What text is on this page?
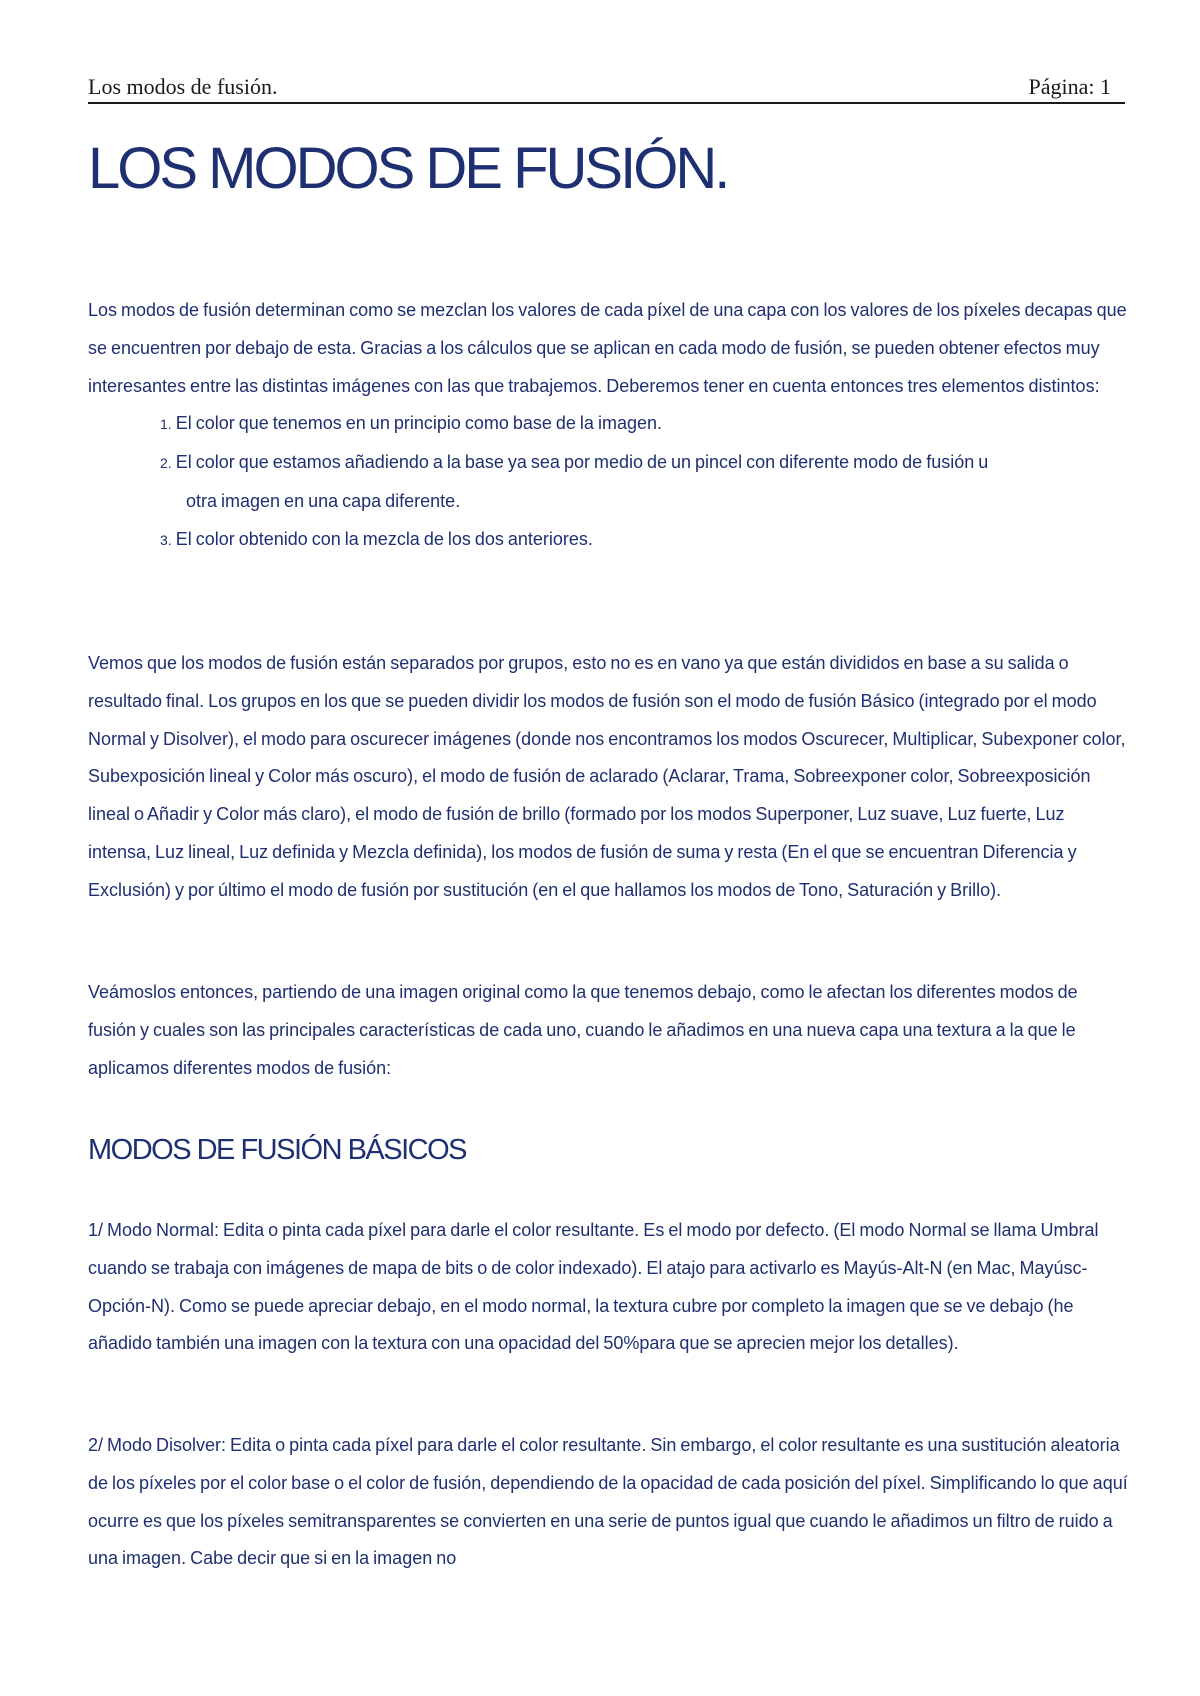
Los modos de fusión.	Página: 1
LOS MODOS DE FUSIÓN.

Los modos de fusión determinan como se mezclan los valores de cada píxel de una capa con los valores de los píxeles decapas que se encuentren por debajo de esta. Gracias a los cálculos que se aplican en cada modo de fusión, se pueden obtener efectos muy interesantes entre las distintas imágenes con las que trabajemos. Deberemos tener en cuenta entonces tres elementos distintos:

1. El color que tenemos en un principio como base de la imagen.
2. El color que estamos añadiendo a la base ya sea por medio de un pincel con diferente modo de fusión u
otra imagen en una capa diferente.
3. El color obtenido con la mezcla de los dos anteriores.

Vemos que los modos de fusión están separados por grupos, esto no es en vano ya que están divididos en base a su salida o resultado final. Los grupos en los que se pueden dividir los modos de fusión son el modo de fusión Básico (integrado por el modo Normal y Disolver), el modo para oscurecer imágenes (donde nos encontramos los modos Oscurecer, Multiplicar, Subexponer color, Subexposición lineal y Color más oscuro), el modo de fusión de aclarado (Aclarar, Trama, Sobreexponer color, Sobreexposición lineal o Añadir y Color más claro), el modo de fusión de brillo (formado por los modos Superponer, Luz suave, Luz fuerte, Luz intensa, Luz lineal, Luz definida y Mezcla definida), los modos de fusión de suma y resta (En el que se encuentran Diferencia y Exclusión) y por último el modo de fusión por sustitución (en el que hallamos los modos de Tono, Saturación y Brillo).

Veámoslos entonces, partiendo de una imagen original como la que tenemos debajo, como le afectan los diferentes modos de fusión y cuales son las principales características de cada uno, cuando le añadimos en una nueva capa una textura a la que le aplicamos diferentes modos de fusión:

MODOS DE FUSIÓN BÁSICOS

1/ Modo Normal: Edita o pinta cada píxel para darle el color resultante. Es el modo por defecto. (El modo Normal se llama Umbral cuando se trabaja con imágenes de mapa de bits o de color indexado). El atajo para activarlo es Mayús-Alt-N (en Mac, Mayúsc-Opción-N). Como se puede apreciar debajo, en el modo normal, la textura cubre por completo la imagen que se ve debajo (he añadido también una imagen con la textura con una opacidad del 50%para que se aprecien mejor los detalles).

2/ Modo Disolver: Edita o pinta cada píxel para darle el color resultante. Sin embargo, el color resultante es una sustitución aleatoria de los píxeles por el color base o el color de fusión, dependiendo de la opacidad de cada posición del píxel. Simplificando lo que aquí ocurre es que los píxeles semitransparentes se convierten en una serie de puntos igual que cuando le añadimos un filtro de ruido a una imagen. Cabe decir que si en la imagen no
